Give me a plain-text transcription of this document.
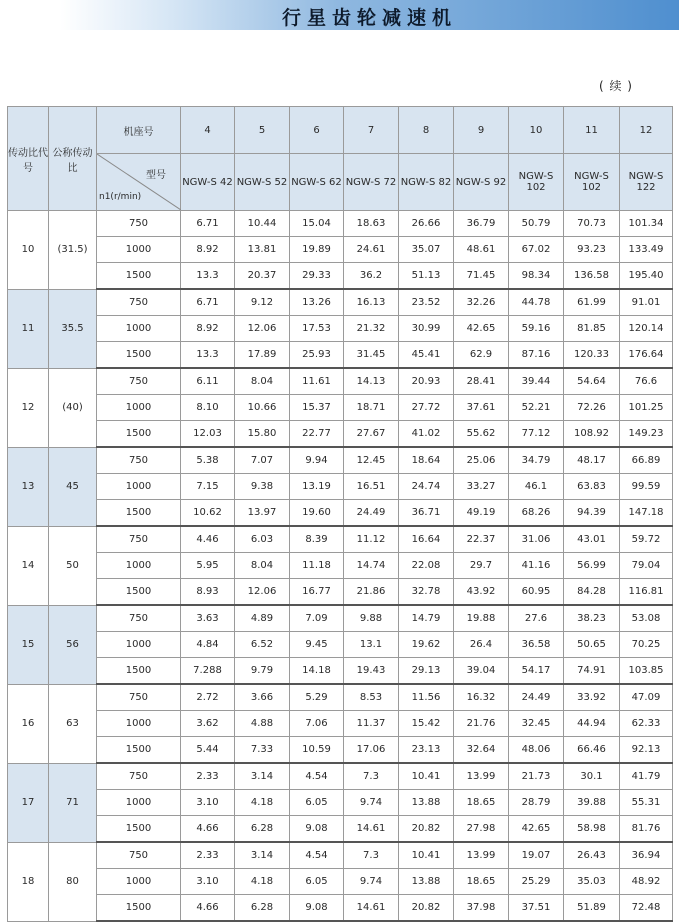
行星齿轮减速机
( 续 )
传动比代 号	公称传动比	机座号	4	5	6	7	8	9	10	11	12

		型号
n1(r/min)	NGW-S 42	NGW-S 52	NGW-S 62	NGW-S 72	NGW-S 82	NGW-S 92	NGW-S 102	NGW-S 102	NGW-S 122
10	(31.5)	750	6.71	10.44	15.04	18.63	26.66	36.79	50.79	70.73	101.34
		1000	8.92	13.81	19.89	24.61	35.07	48.61	67.02	93.23	133.49
		1500	13.3	20.37	29.33	36.2	51.13	71.45	98.34	136.58	195.40
11	35.5	750	6.71	9.12	13.26	16.13	23.52	32.26	44.78	61.99	91.01
		1000	8.92	12.06	17.53	21.32	30.99	42.65	59.16	81.85	120.14
		1500	13.3	17.89	25.93	31.45	45.41	62.9	87.16	120.33	176.64
12	(40)	750	6.11	8.04	11.61	14.13	20.93	28.41	39.44	54.64	76.6
		1000	8.10	10.66	15.37	18.71	27.72	37.61	52.21	72.26	101.25
		1500	12.03	15.80	22.77	27.67	41.02	55.62	77.12	108.92	149.23
13	45	750	5.38	7.07	9.94	12.45	18.64	25.06	34.79	48.17	66.89
		1000	7.15	9.38	13.19	16.51	24.74	33.27	46.1	63.83	99.59
		1500	10.62	13.97	19.60	24.49	36.71	49.19	68.26	94.39	147.18
14	50	750	4.46	6.03	8.39	11.12	16.64	22.37	31.06	43.01	59.72
		1000	5.95	8.04	11.18	14.74	22.08	29.7	41.16	56.99	79.04
		1500	8.93	12.06	16.77	21.86	32.78	43.92	60.95	84.28	116.81
15	56	750	3.63	4.89	7.09	9.88	14.79	19.88	27.6	38.23	53.08
		1000	4.84	6.52	9.45	13.1	19.62	26.4	36.58	50.65	70.25
		1500	7.288	9.79	14.18	19.43	29.13	39.04	54.17	74.91	103.85
16	63	750	2.72	3.66	5.29	8.53	11.56	16.32	24.49	33.92	47.09
		1000	3.62	4.88	7.06	11.37	15.42	21.76	32.45	44.94	62.33
		1500	5.44	7.33	10.59	17.06	23.13	32.64	48.06	66.46	92.13
17	71	750	2.33	3.14	4.54	7.3	10.41	13.99	21.73	30.1	41.79
		1000	3.10	4.18	6.05	9.74	13.88	18.65	28.79	39.88	55.31
		1500	4.66	6.28	9.08	14.61	20.82	27.98	42.65	58.98	81.76
18	80	750	2.33	3.14	4.54	7.3	10.41	13.99	19.07	26.43	36.94
		1000	3.10	4.18	6.05	9.74	13.88	18.65	25.29	35.03	48.92
		1500	4.66	6.28	9.08	14.61	20.82	37.98	37.51	51.89	72.48
